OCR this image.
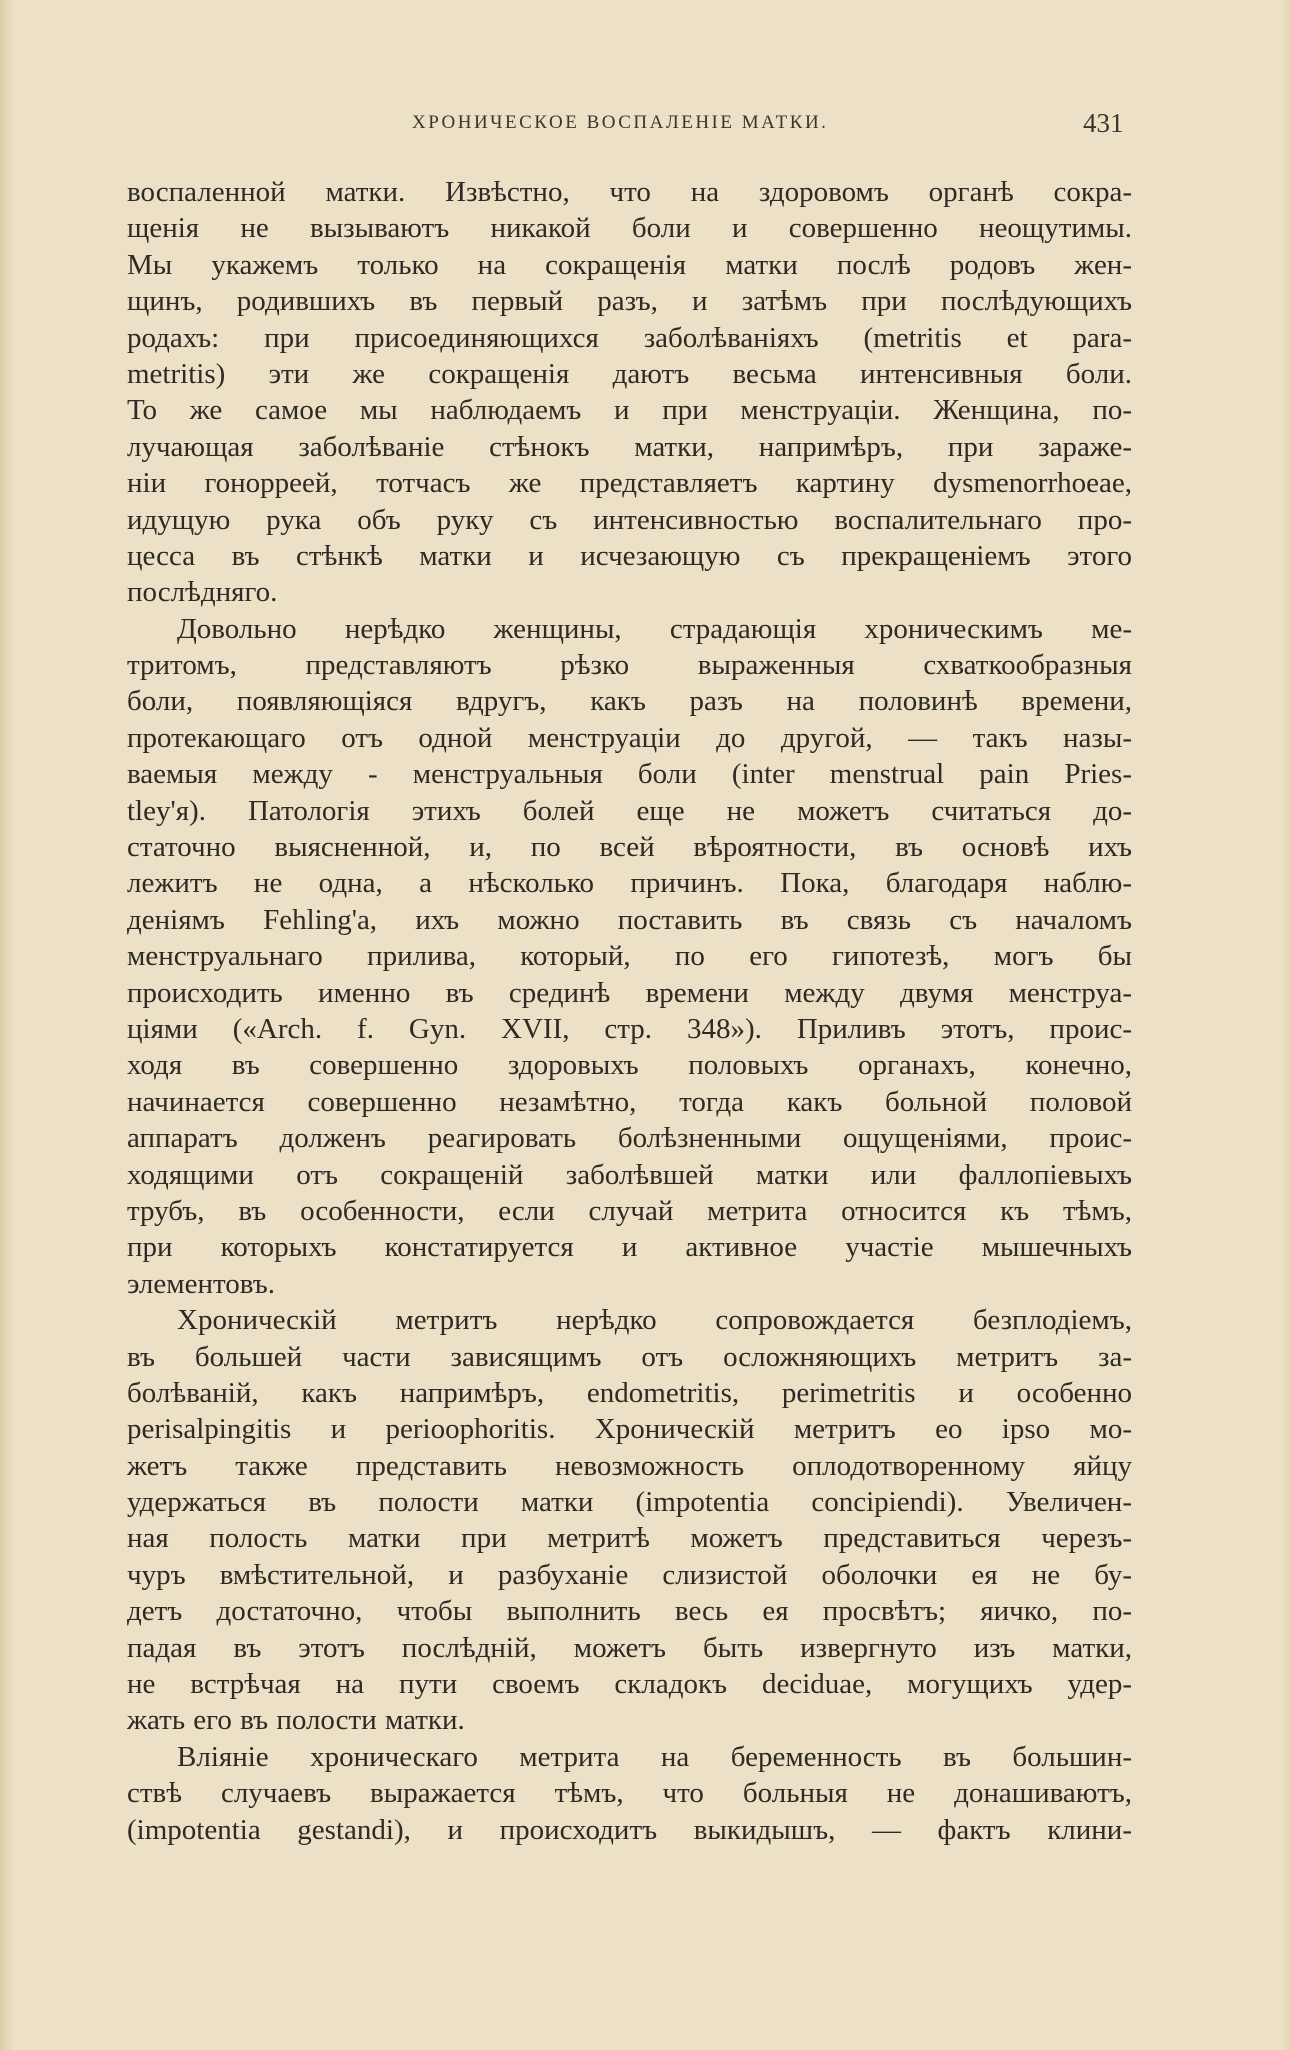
ХРОНИЧЕСКОЕ ВОСПАЛЕНІЕ МАТКИ.	431
воспаленной матки. Извѣстно, что на здоровомъ органѣ сокра-
щенія не вызываютъ никакой боли и совершенно неощутимы.
Мы укажемъ только на сокращенія матки послѣ родовъ жен-
щинъ, родившихъ въ первый разъ, и затѣмъ при послѣдующихъ
родахъ: при присоединяющихся заболѣваніяхъ (metritis et para-
metritis) эти же сокращенія даютъ весьма интенсивныя боли.
То же самое мы наблюдаемъ и при менструаціи. Женщина, по-
лучающая заболѣваніе стѣнокъ матки, напримѣръ, при зараже-
ніи гонорреей, тотчасъ же представляетъ картину dysmenorrhoeae,
идущую рука объ руку съ интенсивностью воспалительнаго про-
цесса въ стѣнкѣ матки и исчезающую съ прекращеніемъ этого
послѣдняго.
Довольно нерѣдко женщины, страдающія хроническимъ ме-
тритомъ, представляютъ рѣзко выраженныя схваткообразныя
боли, появляющіяся вдругъ, какъ разъ на половинѣ времени,
протекающаго отъ одной менструаціи до другой, — такъ назы-
ваемыя между - менструальныя боли (inter menstrual pain Pries-
tley'я). Патологія этихъ болей еще не можетъ считаться до-
статочно выясненной, и, по всей вѣроятности, въ основѣ ихъ
лежитъ не одна, а нѣсколько причинъ. Пока, благодаря наблю-
деніямъ Fehling'а, ихъ можно поставить въ связь съ началомъ
менструальнаго прилива, который, по его гипотезѣ, могъ бы
происходить именно въ срединѣ времени между двумя менструа-
ціями («Arch. f. Gyn. XVII, стр. 348»). Приливъ этотъ, проис-
ходя въ совершенно здоровыхъ половыхъ органахъ, конечно,
начинается совершенно незамѣтно, тогда какъ больной половой
аппаратъ долженъ реагировать болѣзненными ощущеніями, проис-
ходящими отъ сокращеній заболѣвшей матки или фаллопіевыхъ
трубъ, въ особенности, если случай метрита относится къ тѣмъ,
при которыхъ констатируется и активное участіе мышечныхъ
элементовъ.
Хроническій метритъ нерѣдко сопровождается безплодіемъ,
въ большей части зависящимъ отъ осложняющихъ метритъ за-
болѣваній, какъ напримѣръ, endometritis, perimetritis и особенно
perisalpingitis и perioophoritis. Хроническій метритъ eo ipso мо-
жетъ также представить невозможность оплодотворенному яйцу
удержаться въ полости матки (impotentia concipiendi). Увеличен-
ная полость матки при метритѣ можетъ представиться черезъ-
чуръ вмѣстительной, и разбуханіе слизистой оболочки ея не бу-
детъ достаточно, чтобы выполнить весь ея просвѣтъ; яичко, по-
падая въ этотъ послѣдній, можетъ быть извергнуто изъ матки,
не встрѣчая на пути своемъ складокъ deciduae, могущихъ удер-
жать его въ полости матки.
Вліяніе хроническаго метрита на беременность въ большин-
ствѣ случаевъ выражается тѣмъ, что больныя не донашиваютъ,
(impotentia gestandi), и происходитъ выкидышъ, — фактъ клини-
